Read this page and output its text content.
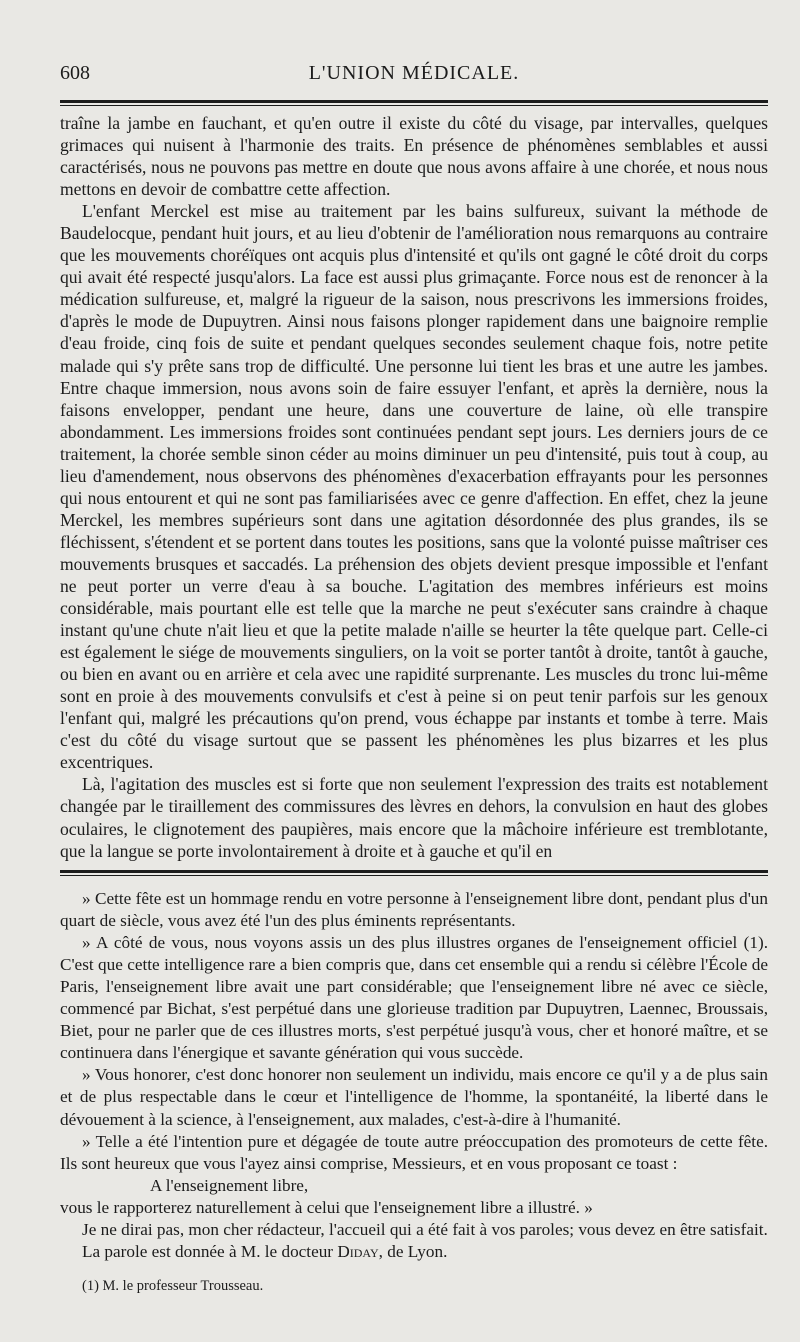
608	L'UNION MÉDICALE.

traîne la jambe en fauchant, et qu'en outre il existe du côté du visage, par intervalles, quelques grimaces qui nuisent à l'harmonie des traits. En présence de phénomènes semblables et aussi caractérisés, nous ne pouvons pas mettre en doute que nous avons affaire à une chorée, et nous nous mettons en devoir de combattre cette affection.

L'enfant Merckel est mise au traitement par les bains sulfureux, suivant la méthode de Baudelocque, pendant huit jours, et au lieu d'obtenir de l'amélioration nous remarquons au contraire que les mouvements choréïques ont acquis plus d'intensité et qu'ils ont gagné le côté droit du corps qui avait été respecté jusqu'alors. La face est aussi plus grimaçante. Force nous est de renoncer à la médication sulfureuse, et, malgré la rigueur de la saison, nous prescrivons les immersions froides, d'après le mode de Dupuytren. Ainsi nous faisons plonger rapidement dans une baignoire remplie d'eau froide, cinq fois de suite et pendant quelques secondes seulement chaque fois, notre petite malade qui s'y prête sans trop de difficulté. Une personne lui tient les bras et une autre les jambes. Entre chaque immersion, nous avons soin de faire essuyer l'enfant, et après la dernière, nous la faisons envelopper, pendant une heure, dans une couverture de laine, où elle transpire abondamment. Les immersions froides sont continuées pendant sept jours. Les derniers jours de ce traitement, la chorée semble sinon céder au moins diminuer un peu d'intensité, puis tout à coup, au lieu d'amendement, nous observons des phénomènes d'exacerbation effrayants pour les personnes qui nous entourent et qui ne sont pas familiarisées avec ce genre d'affection. En effet, chez la jeune Merckel, les membres supérieurs sont dans une agitation désordonnée des plus grandes, ils se fléchissent, s'étendent et se portent dans toutes les positions, sans que la volonté puisse maîtriser ces mouvements brusques et saccadés. La préhension des objets devient presque impossible et l'enfant ne peut porter un verre d'eau à sa bouche. L'agitation des membres inférieurs est moins considérable, mais pourtant elle est telle que la marche ne peut s'exécuter sans craindre à chaque instant qu'une chute n'ait lieu et que la petite malade n'aille se heurter la tête quelque part. Celle-ci est également le siége de mouvements singuliers, on la voit se porter tantôt à droite, tantôt à gauche, ou bien en avant ou en arrière et cela avec une rapidité surprenante. Les muscles du tronc lui-même sont en proie à des mouvements convulsifs et c'est à peine si on peut tenir parfois sur les genoux l'enfant qui, malgré les précautions qu'on prend, vous échappe par instants et tombe à terre. Mais c'est du côté du visage surtout que se passent les phénomènes les plus bizarres et les plus excentriques.

Là, l'agitation des muscles est si forte que non seulement l'expression des traits est notablement changée par le tiraillement des commissures des lèvres en dehors, la convulsion en haut des globes oculaires, le clignotement des paupières, mais encore que la mâchoire inférieure est tremblotante, que la langue se porte involontairement à droite et à gauche et qu'il en

» Cette fête est un hommage rendu en votre personne à l'enseignement libre dont, pendant plus d'un quart de siècle, vous avez été l'un des plus éminents représentants.

» A côté de vous, nous voyons assis un des plus illustres organes de l'enseignement officiel (1). C'est que cette intelligence rare a bien compris que, dans cet ensemble qui a rendu si célèbre l'École de Paris, l'enseignement libre avait une part considérable; que l'enseignement libre né avec ce siècle, commencé par Bichat, s'est perpétué dans une glorieuse tradition par Dupuytren, Laennec, Broussais, Biet, pour ne parler que de ces illustres morts, s'est perpétué jusqu'à vous, cher et honoré maître, et se continuera dans l'énergique et savante génération qui vous succède.

» Vous honorer, c'est donc honorer non seulement un individu, mais encore ce qu'il y a de plus sain et de plus respectable dans le cœur et l'intelligence de l'homme, la spontanéité, la liberté dans le dévouement à la science, à l'enseignement, aux malades, c'est-à-dire à l'humanité.

» Telle a été l'intention pure et dégagée de toute autre préoccupation des promoteurs de cette fête. Ils sont heureux que vous l'ayez ainsi comprise, Messieurs, et en vous proposant ce toast :

A l'enseignement libre,

vous le rapporterez naturellement à celui que l'enseignement libre a illustré. »

Je ne dirai pas, mon cher rédacteur, l'accueil qui a été fait à vos paroles; vous devez en être satisfait.

La parole est donnée à M. le docteur Diday, de Lyon.

(1) M. le professeur Trousseau.
